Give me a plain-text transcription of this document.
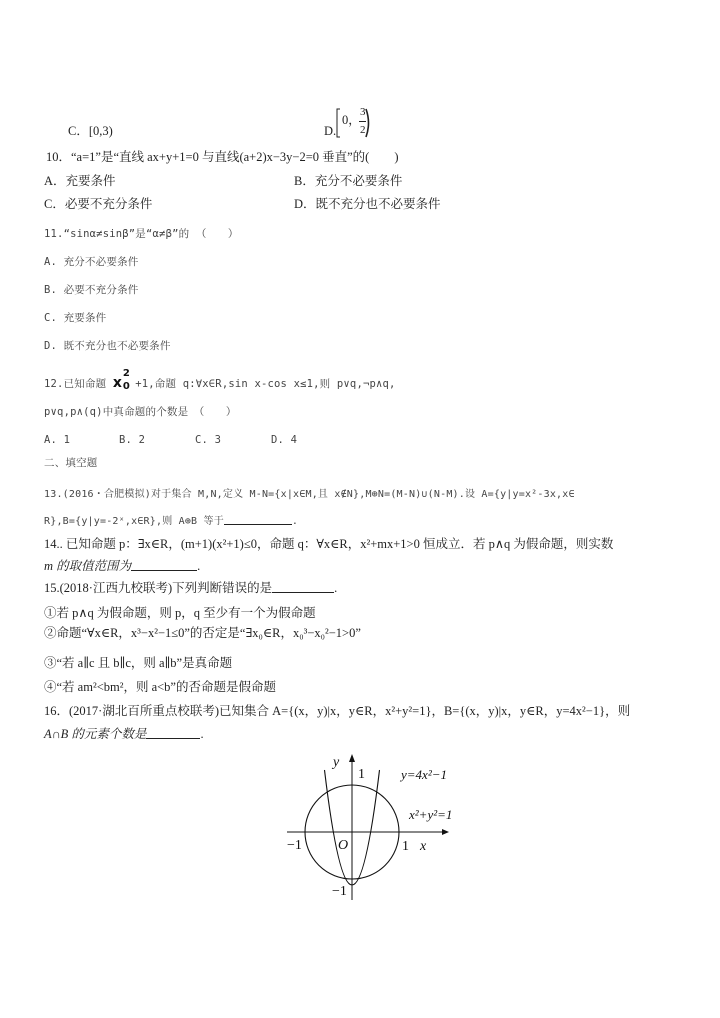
C．[0,3)	D.
0，
3
2
10．“a=1”是“直线 ax+y+1=0 与直线(a+2)x−3y−2=0 垂直”的(　　)
A．充要条件	B．充分不必要条件
C．必要不充分条件	D．既不充分也不必要条件
11.“sinα≠sinβ”是“α≠β”的 （　　）
A. 充分不必要条件
B. 必要不充分条件
C. 充要条件
D. 既不充分也不必要条件
12.已知命题 x
2
0 +1,命题 q:∀x∈R,sin x-cos x≤1,则 p∨q,¬p∧q,
p∨q,p∧(q)中真命题的个数是　（　　）
A. 1	B. 2	C. 3	D. 4
二、填空题
13.(2016・合肥模拟)对于集合 M,N,定义 M-N={x|x∈M,且 x∉N},M⊕N=(M-N)∪(N-M).设 A={y|y=x²-3x,x∈
R},B={y|y=-2ˣ,x∈R},则 A⊕B 等于	.
14.. 已知命题 p：∃x∈R，(m+1)(x²+1)≤0，命题 q：∀x∈R，x²+mx+1>0 恒成立．若 p∧q 为假命题，则实数
m 的取值范围为	.
15.(2018·江西九校联考)下列判断错误的是	.
①若 p∧q 为假命题，则 p，q 至少有一个为假命题
②命题“∀x∈R，x³−x²−1≤0”的否定是“∃x₀∈R，x₀³−x₀²−1>0”
③“若 a∥c 且 b∥c，则 a∥b”是真命题
④“若 am²<bm²，则 a<b”的否命题是假命题
16．(2017·湖北百所重点校联考)已知集合 A={(x，y)|x，y∈R，x²+y²=1}，B={(x，y)|x，y∈R，y=4x²−1}，则
A∩B 的元素个数是	.
y
1	y=4x²−1
x²+y²=1
−1	O	1 x
−1
